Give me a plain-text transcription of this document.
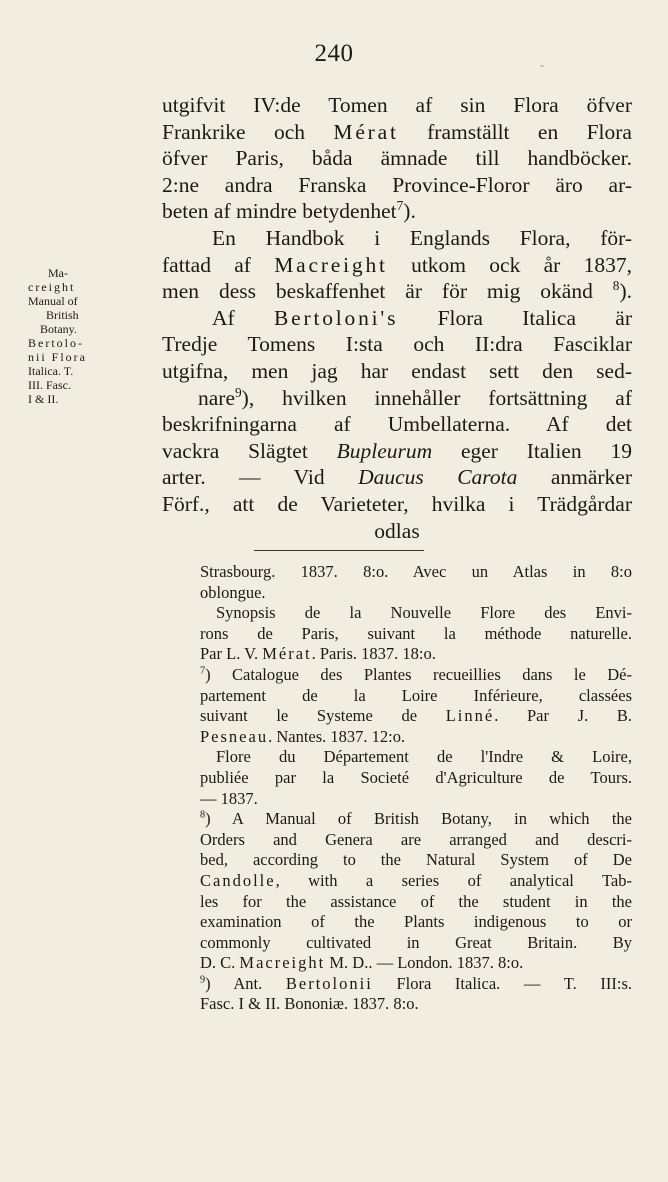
240	-
utgifvit IV:de Tomen af sin Flora öfver
Frankrike och Mérat framställt en Flora
öfver Paris, båda ämnade till handböcker.
2:ne andra Franska Province-Floror äro ar-
beten af mindre betydenhet$^7$).
En Handbok i Englands Flora, för-
fattad af Macreight utkom ock år 1837,
men dess beskaffenhet är för mig okänd $^8$).
Af Bertoloni's Flora Italica är
Tredje Tomens I:sta och II:dra Fasciklar
utgifna, men jag har endast sett den sed-
nare$^9$), hvilken innehåller fortsättning af
beskrifningarna af Umbellaterna. Af det
vackra Slägtet Bupleurum eger Italien 19
arter. — Vid Daucus Carota anmärker
Förf., att de Varieteter, hvilka i Trädgårdar
odlas
Ma-
creight
Manual of
British
Botany.
Bertolo-
nii Flora
Italica. T.
III. Fasc.
I & II.
Strasbourg. 1837. 8:o. Avec un Atlas in 8:o
oblongue.
Synopsis de la Nouvelle Flore des Envi-
rons de Paris, suivant la méthode naturelle.
Par L. V. Mérat. Paris. 1837. 18:o.
$^7$) Catalogue des Plantes recueillies dans le Dé-
partement de la Loire Inférieure, classées
suivant le Systeme de Linné. Par J. B.
Pesneau. Nantes. 1837. 12:o.
Flore du Département de l'Indre & Loire,
publiée par la Societé d'Agriculture de Tours.
— 1837.
$^8$) A Manual of British Botany, in which the
Orders and Genera are arranged and descri-
bed, according to the Natural System of De
Candolle, with a series of analytical Tab-
les for the assistance of the student in the
examination of the Plants indigenous to or
commonly cultivated in Great Britain. By
D. C. Macreight M. D.. — London. 1837. 8:o.
$^9$) Ant. Bertolonii Flora Italica. — T. III:s.
Fasc. I & II. Bononiæ. 1837. 8:o.
